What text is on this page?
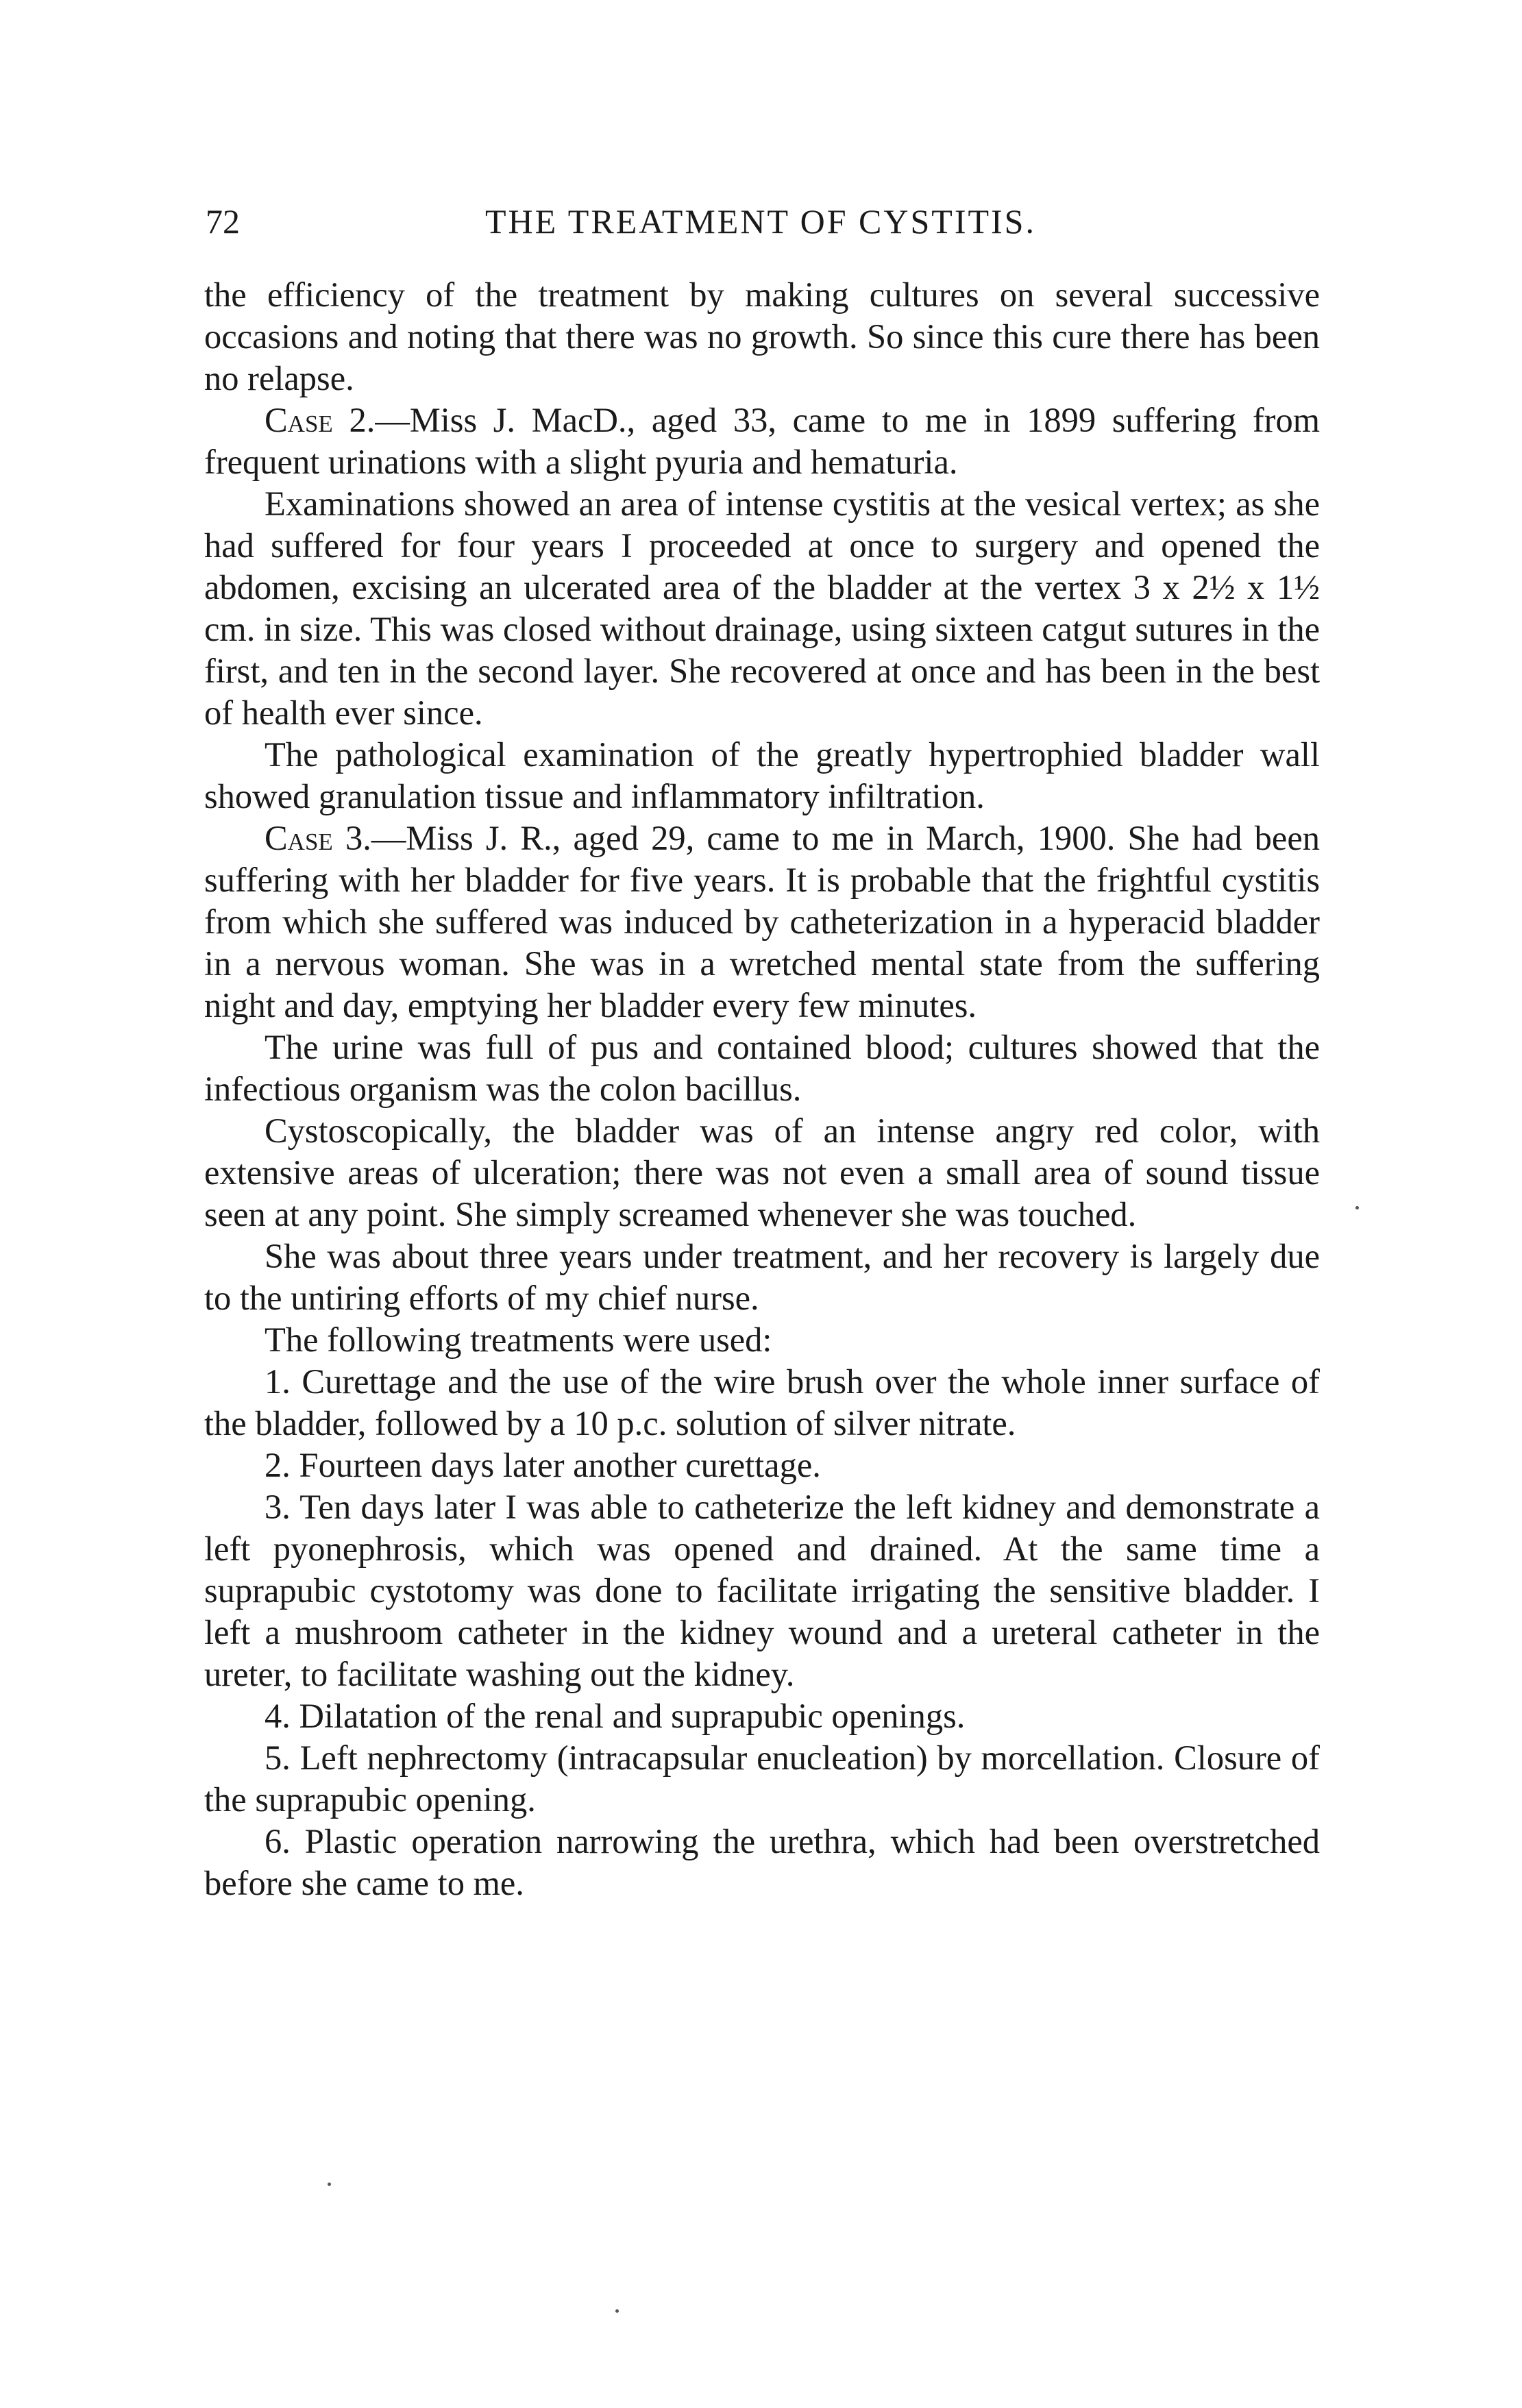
72	THE TREATMENT OF CYSTITIS.

the efficiency of the treatment by making cultures on several successive occasions and noting that there was no growth. So since this cure there has been no relapse.

Case 2.—Miss J. MacD., aged 33, came to me in 1899 suffering from frequent urinations with a slight pyuria and hematuria.

Examinations showed an area of intense cystitis at the vesical vertex; as she had suffered for four years I proceeded at once to surgery and opened the abdomen, excising an ulcerated area of the bladder at the vertex 3 x 2½ x 1½ cm. in size. This was closed without drainage, using sixteen catgut sutures in the first, and ten in the second layer. She recovered at once and has been in the best of health ever since.

The pathological examination of the greatly hypertrophied bladder wall showed granulation tissue and inflammatory infiltration.

Case 3.—Miss J. R., aged 29, came to me in March, 1900. She had been suffering with her bladder for five years. It is probable that the frightful cystitis from which she suffered was induced by catheterization in a hyperacid bladder in a nervous woman. She was in a wretched mental state from the suffering night and day, emptying her bladder every few minutes.

The urine was full of pus and contained blood; cultures showed that the infectious organism was the colon bacillus.

Cystoscopically, the bladder was of an intense angry red color, with extensive areas of ulceration; there was not even a small area of sound tissue seen at any point. She simply screamed whenever she was touched.

She was about three years under treatment, and her recovery is largely due to the untiring efforts of my chief nurse.

The following treatments were used:

1. Curettage and the use of the wire brush over the whole inner surface of the bladder, followed by a 10 p.c. solution of silver nitrate.

2. Fourteen days later another curettage.

3. Ten days later I was able to catheterize the left kidney and demonstrate a left pyonephrosis, which was opened and drained. At the same time a suprapubic cystotomy was done to facilitate irrigating the sensitive bladder. I left a mushroom catheter in the kidney wound and a ureteral catheter in the ureter, to facilitate washing out the kidney.

4. Dilatation of the renal and suprapubic openings.

5. Left nephrectomy (intracapsular enucleation) by morcellation. Closure of the suprapubic opening.

6. Plastic operation narrowing the urethra, which had been overstretched before she came to me.
